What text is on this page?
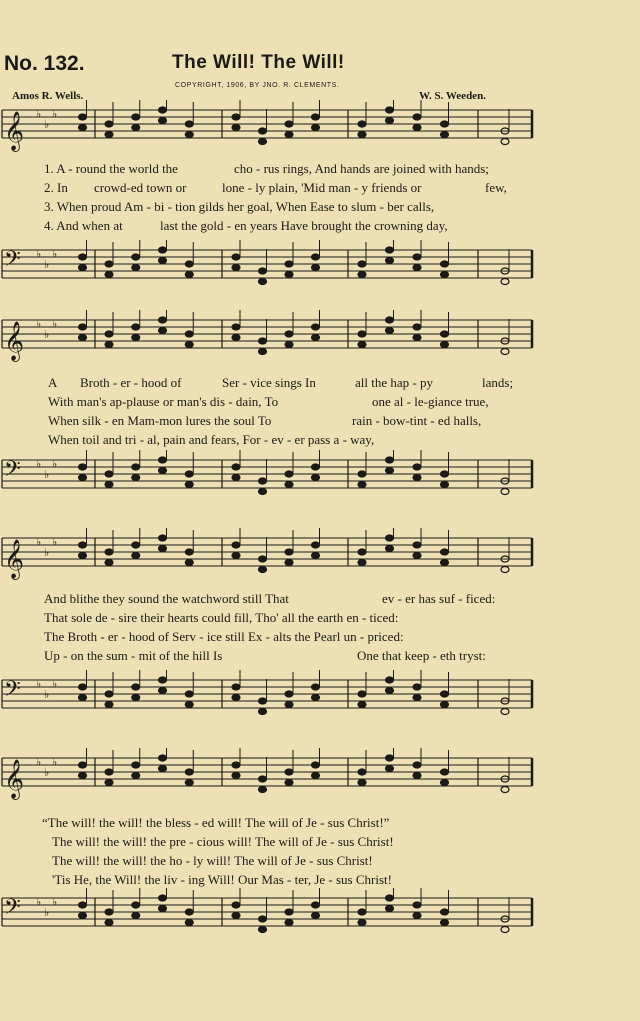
No. 132.	The Will! The Will!
COPYRIGHT, 1906, BY JNO. R. CLEMENTS.
Amos R. Wells.	W. S. Weeden.
𝄞 ♭
♭
♭
𝄢 ♭
♭
♭
𝄞 ♭
♭
♭
𝄢 ♭
♭
♭
𝄞 ♭
♭
♭
𝄢 ♭
♭
♭
𝄞 ♭
♭
♭
𝄢 ♭
♭
♭
1. A - round the world the	cho - rus rings, And hands are joined with hands;
2. In crowd-ed town or	lone - ly plain, 'Mid man - y friends or	few,
3. When proud Am - bi - tion gilds her goal, When Ease to slum - ber calls,
4. And when at	last the gold - en years Have brought the crowning day,
A Broth - er - hood of	Ser - vice sings In	all the hap - py	lands;
With man's ap-plause or man's dis - dain, To	one al - le-giance true,
When silk - en Mam-mon lures the soul To	rain - bow-tint - ed halls,
When toil and tri - al, pain and fears, For - ev - er pass a - way,
And blithe they sound the watchword still That	ev - er has suf - ficed:
That sole de - sire their hearts could fill, Tho' all the earth en - ticed:
The Broth - er - hood of Serv - ice still Ex - alts the Pearl un - priced:
Up - on the sum - mit of the hill Is	One that keep - eth tryst:
“The will! the will! the bless - ed will! The will of Je - sus Christ!”
The will! the will! the pre - cious will! The will of Je - sus Christ!
The will! the will! the ho - ly will! The will of Je - sus Christ!
'Tis He, the Will! the liv - ing Will! Our Mas - ter, Je - sus Christ!
